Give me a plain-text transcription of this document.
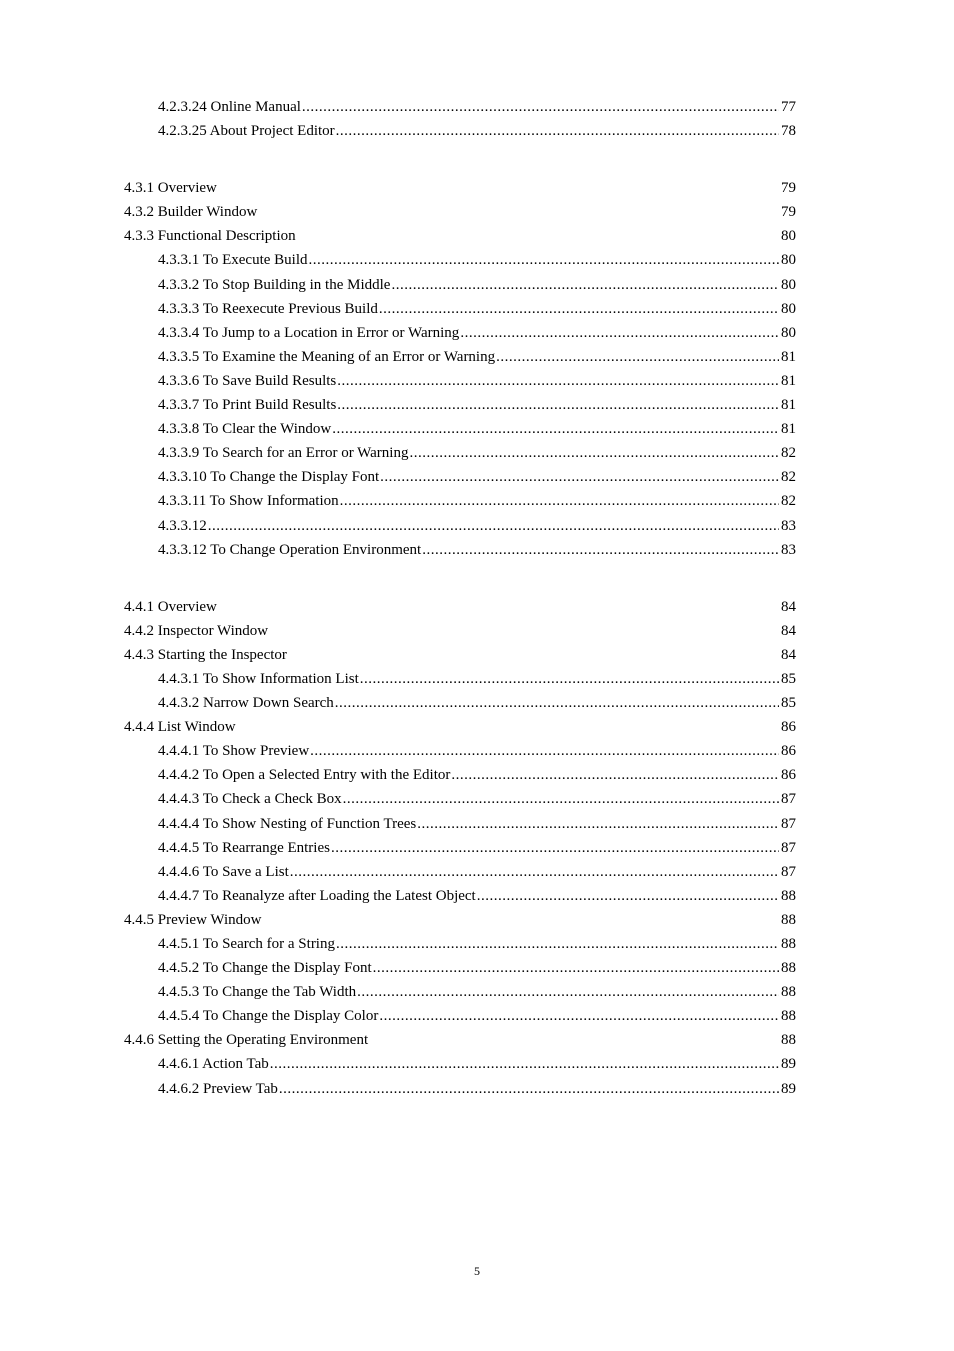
4.2.3.24 Online Manual .....	77
4.2.3.25 About Project Editor .....	78
4.3.1 Overview	79
4.3.2 Builder Window	79
4.3.3 Functional Description	80
4.3.3.1 To Execute Build .....	80
4.3.3.2 To Stop Building in the Middle .....	80
4.3.3.3 To Reexecute Previous Build .....	80
4.3.3.4 To Jump to a Location in Error or Warning .....	80
4.3.3.5 To Examine the Meaning of an Error or Warning .....	81
4.3.3.6 To Save Build Results .....	81
4.3.3.7 To Print Build Results .....	81
4.3.3.8 To Clear the Window .....	81
4.3.3.9 To Search for an Error or Warning .....	82
4.3.3.10 To Change the Display Font .....	82
4.3.3.11 To Show Information .....	82
4.3.3.12 .....	83
4.3.3.12 To Change Operation Environment .....	83
4.4.1 Overview	84
4.4.2 Inspector Window	84
4.4.3 Starting the Inspector	84
4.4.3.1 To Show Information List .....	85
4.4.3.2 Narrow Down Search .....	85
4.4.4 List Window	86
4.4.4.1 To Show Preview .....	86
4.4.4.2 To Open a Selected Entry with the Editor .....	86
4.4.4.3 To Check a Check Box .....	87
4.4.4.4 To Show Nesting of Function Trees .....	87
4.4.4.5 To Rearrange Entries .....	87
4.4.4.6 To Save a List .....	87
4.4.4.7 To Reanalyze after Loading the Latest Object .....	88
4.4.5 Preview Window	88
4.4.5.1 To Search for a String .....	88
4.4.5.2 To Change the Display Font .....	88
4.4.5.3 To Change the Tab Width .....	88
4.4.5.4 To Change the Display Color .....	88
4.4.6 Setting the Operating Environment	88
4.4.6.1 Action Tab .....	89
4.4.6.2 Preview Tab .....	89
5
